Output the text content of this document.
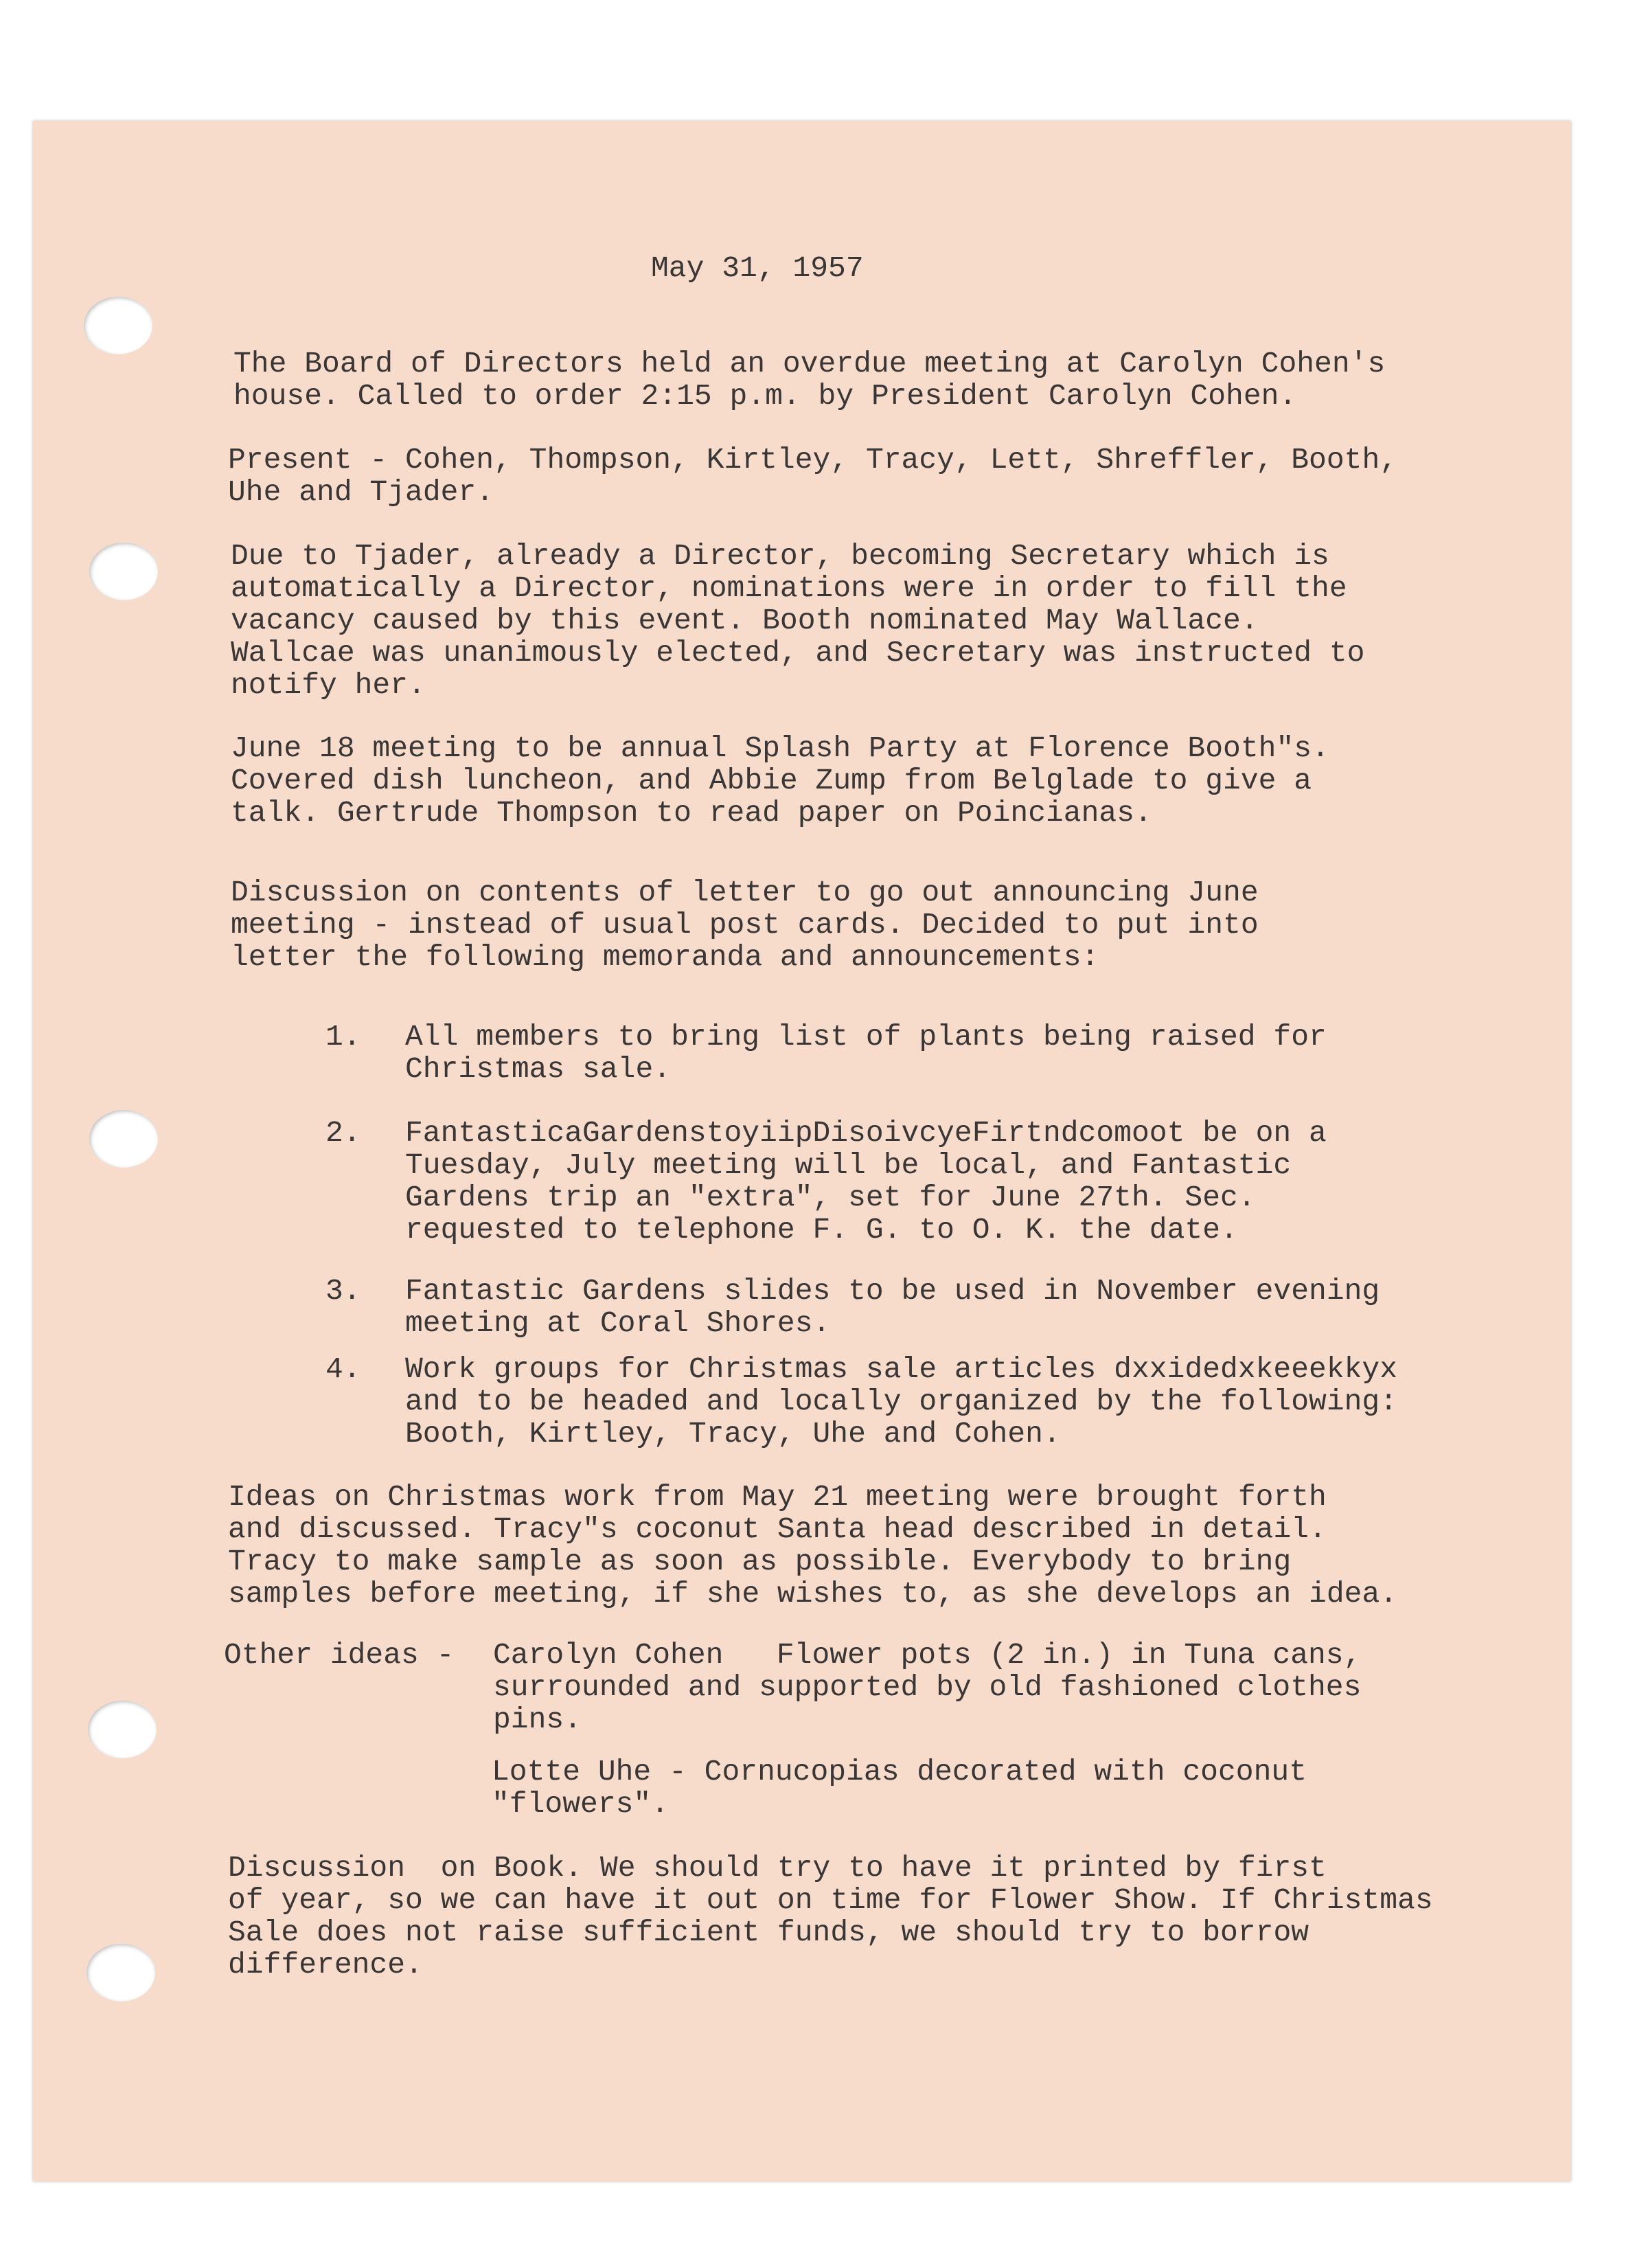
May 31, 1957
The Board of Directors held an overdue meeting at Carolyn Cohen's
house. Called to order 2:15 p.m. by President Carolyn Cohen.
Present - Cohen, Thompson, Kirtley, Tracy, Lett, Shreffler, Booth,
Uhe and Tjader.
Due to Tjader, already a Director, becoming Secretary which is
automatically a Director, nominations were in order to fill the
vacancy caused by this event. Booth nominated May Wallace.
Wallcae was unanimously elected, and Secretary was instructed to
notify her.
June 18 meeting to be annual Splash Party at Florence Booth"s.
Covered dish luncheon, and Abbie Zump from Belglade to give a
talk. Gertrude Thompson to read paper on Poincianas.
Discussion on contents of letter to go out announcing June
meeting - instead of usual post cards. Decided to put into
letter the following memoranda and announcements:
1. All members to bring list of plants being raised for
Christmas sale.
2. FantasticaGardenstoyiipDisoivcyeFirtndcomoot be on a
Tuesday, July meeting will be local, and Fantastic
Gardens trip an "extra", set for June 27th. Sec.
requested to telephone F. G. to O. K. the date.
3. Fantastic Gardens slides to be used in November evening
meeting at Coral Shores.
4. Work groups for Christmas sale articles dxxidedxkeeekkyx
and to be headed and locally organized by the following:
Booth, Kirtley, Tracy, Uhe and Cohen.
Ideas on Christmas work from May 21 meeting were brought forth
and discussed. Tracy"s coconut Santa head described in detail.
Tracy to make sample as soon as possible. Everybody to bring
samples before meeting, if she wishes to, as she develops an idea.
Other ideas - Carolyn Cohen   Flower pots (2 in.) in Tuna cans,
surrounded and supported by old fashioned clothes
pins.
Lotte Uhe - Cornucopias decorated with coconut
"flowers".
Discussion  on Book. We should try to have it printed by first
of year, so we can have it out on time for Flower Show. If Christmas
Sale does not raise sufficient funds, we should try to borrow
difference.
